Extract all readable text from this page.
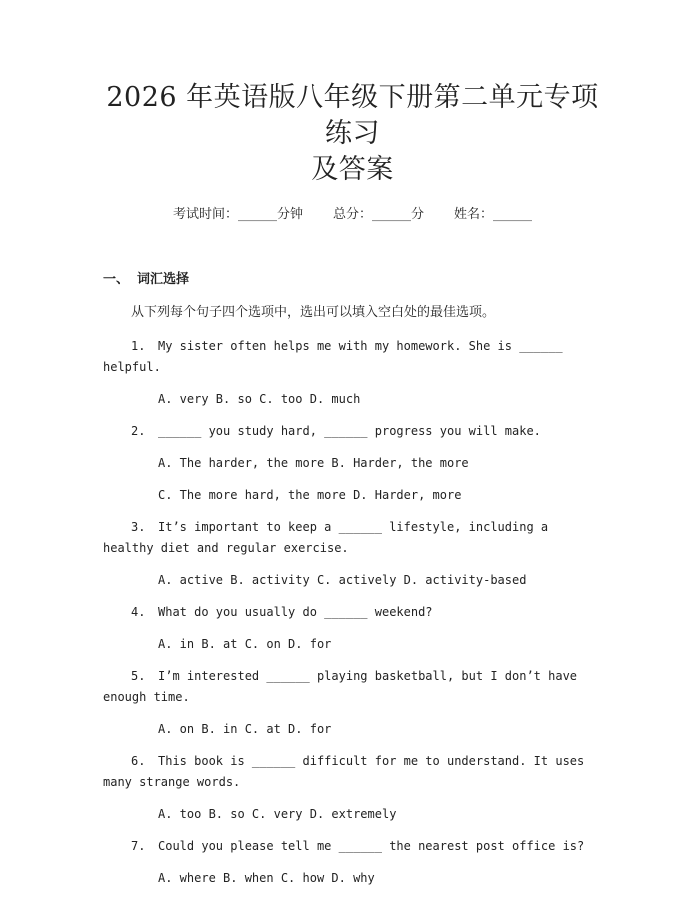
2026 年英语版八年级下册第二单元专项练习
及答案
考试时间：______分钟 总分：______分 姓名：______
一、 词汇选择
从下列每个句子四个选项中，选出可以填入空白处的最佳选项。

1. My sister often helps me with my homework. She is ______ helpful.

A. very B. so C. too D. much

2. ______ you study hard, ______ progress you will make.

A. The harder, the more B. Harder, the more

C. The more hard, the more D. Harder, more

3. It’s important to keep a ______ lifestyle, including a healthy diet and regular exercise.

A. active B. activity C. actively D. activity-based

4. What do you usually do ______ weekend?

A. in B. at C. on D. for

5. I’m interested ______ playing basketball, but I don’t have enough time.

A. on B. in C. at D. for

6. This book is ______ difficult for me to understand. It uses many strange words.

A. too B. so C. very D. extremely

7. Could you please tell me ______ the nearest post office is?

A. where B. when C. how D. why
